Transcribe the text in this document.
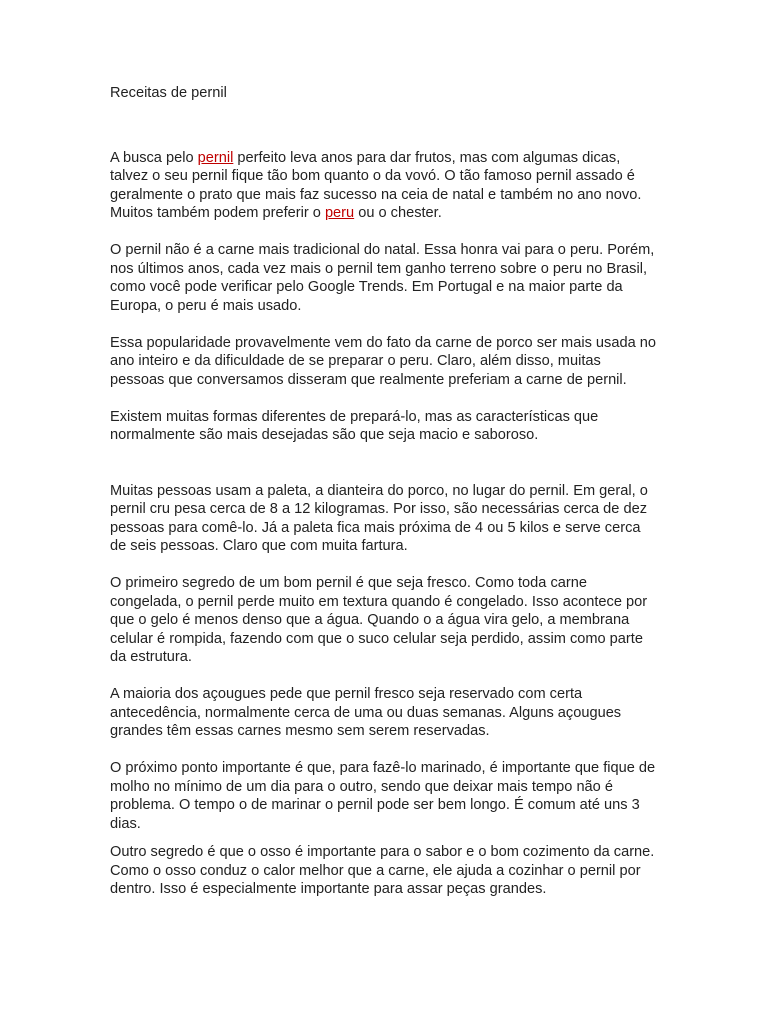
Receitas de pernil

A busca pelo pernil perfeito leva anos para dar frutos, mas com algumas dicas, talvez o seu pernil fique tão bom quanto o da vovó. O tão famoso pernil assado é geralmente o prato que mais faz sucesso na ceia de natal e também no ano novo. Muitos também podem preferir o peru ou o chester.

O pernil não é a carne mais tradicional do natal. Essa honra vai para o peru. Porém, nos últimos anos, cada vez mais o pernil tem ganho terreno sobre o peru no Brasil, como você pode verificar pelo Google Trends. Em Portugal e na maior parte da Europa, o peru é mais usado.

Essa popularidade provavelmente vem do fato da carne de porco ser mais usada no ano inteiro e da dificuldade de se preparar o peru. Claro, além disso, muitas pessoas que conversamos disseram que realmente preferiam a carne de pernil.

Existem muitas formas diferentes de prepará-lo, mas as características que normalmente são mais desejadas são que seja macio e saboroso.

Muitas pessoas usam a paleta, a dianteira do porco, no lugar do pernil. Em geral, o pernil cru pesa cerca de 8 a 12 kilogramas. Por isso, são necessárias cerca de dez pessoas para comê-lo. Já a paleta fica mais próxima de 4 ou 5 kilos e serve cerca de seis pessoas. Claro que com muita fartura.

O primeiro segredo de um bom pernil é que seja fresco. Como toda carne congelada, o pernil perde muito em textura quando é congelado. Isso acontece por que o gelo é menos denso que a água. Quando o a água vira gelo, a membrana celular é rompida, fazendo com que o suco celular seja perdido, assim como parte da estrutura.

A maioria dos açougues pede que pernil fresco seja reservado com certa antecedência, normalmente cerca de uma ou duas semanas. Alguns açougues grandes têm essas carnes mesmo sem serem reservadas.

O próximo ponto importante é que, para fazê-lo marinado, é importante que fique de molho no mínimo de um dia para o outro, sendo que deixar mais tempo não é problema. O tempo o de marinar o pernil pode ser bem longo. É comum até uns 3 dias.

Outro segredo é que o osso é importante para o sabor e o bom cozimento da carne. Como o osso conduz o calor melhor que a carne, ele ajuda a cozinhar o pernil por dentro. Isso é especialmente importante para assar peças grandes.
